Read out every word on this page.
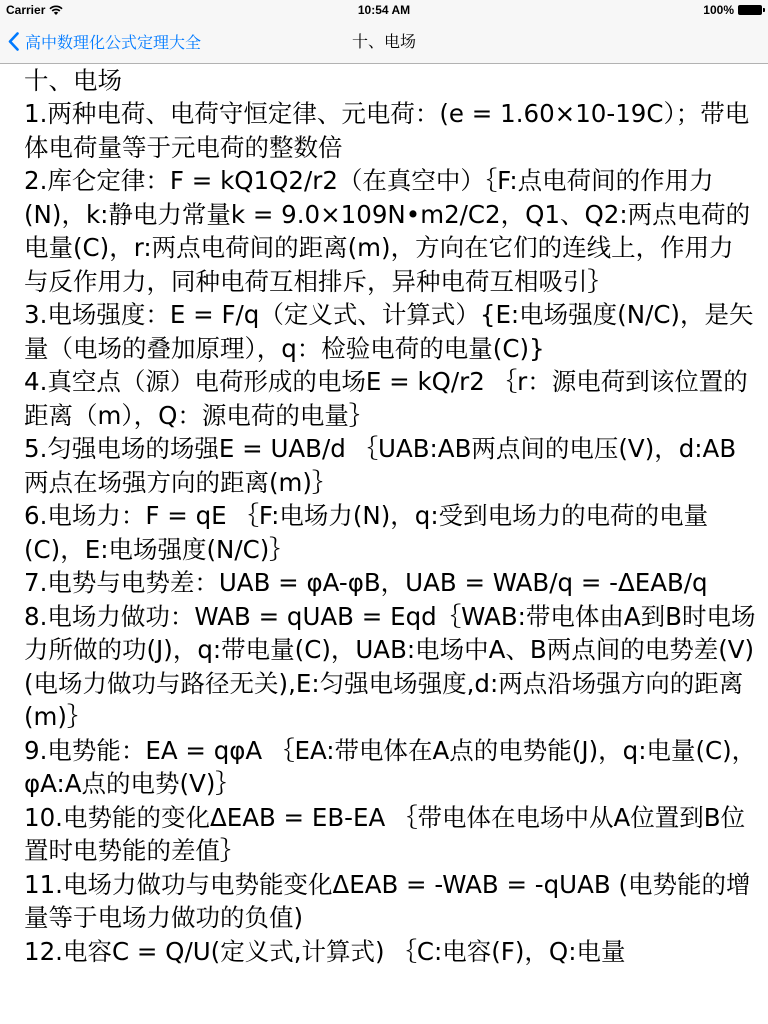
Carrier	10:54 AM	100%
高中数理化公式定理大全	十、电场

十、电场

1.两种电荷、电荷守恒定律、元电荷：(e = 1.60×10-19C）；带电体电荷量等于元电荷的整数倍

2.库仑定律：F = kQ1Q2/r2（在真空中）｛F:点电荷间的作用力(N)，k:静电力常量k = 9.0×109N•m2/C2，Q1、Q2:两点电荷的电量(C)，r:两点电荷间的距离(m)，方向在它们的连线上，作用力与反作用力，同种电荷互相排斥，异种电荷互相吸引｝

3.电场强度：E = F/q（定义式、计算式）{E:电场强度(N/C)，是矢量（电场的叠加原理），q：检验电荷的电量(C)}

4.真空点（源）电荷形成的电场E = kQ/r2 ｛r：源电荷到该位置的距离（m），Q：源电荷的电量｝

5.匀强电场的场强E = UAB/d ｛UAB:AB两点间的电压(V)，d:AB两点在场强方向的距离(m)｝

6.电场力：F = qE ｛F:电场力(N)，q:受到电场力的电荷的电量(C)，E:电场强度(N/C)｝

7.电势与电势差：UAB = φA-φB，UAB = WAB/q = -ΔEAB/q

8.电场力做功：WAB = qUAB = Eqd｛WAB:带电体由A到B时电场力所做的功(J)，q:带电量(C)，UAB:电场中A、B两点间的电势差(V)(电场力做功与路径无关),E:匀强电场强度,d:两点沿场强方向的距离(m)｝

9.电势能：EA = qφA ｛EA:带电体在A点的电势能(J)，q:电量(C)，φA:A点的电势(V)｝

10.电势能的变化ΔEAB = EB-EA ｛带电体在电场中从A位置到B位置时电势能的差值｝

11.电场力做功与电势能变化ΔEAB = -WAB = -qUAB (电势能的增量等于电场力做功的负值)

12.电容C = Q/U(定义式,计算式) ｛C:电容(F)，Q:电量
